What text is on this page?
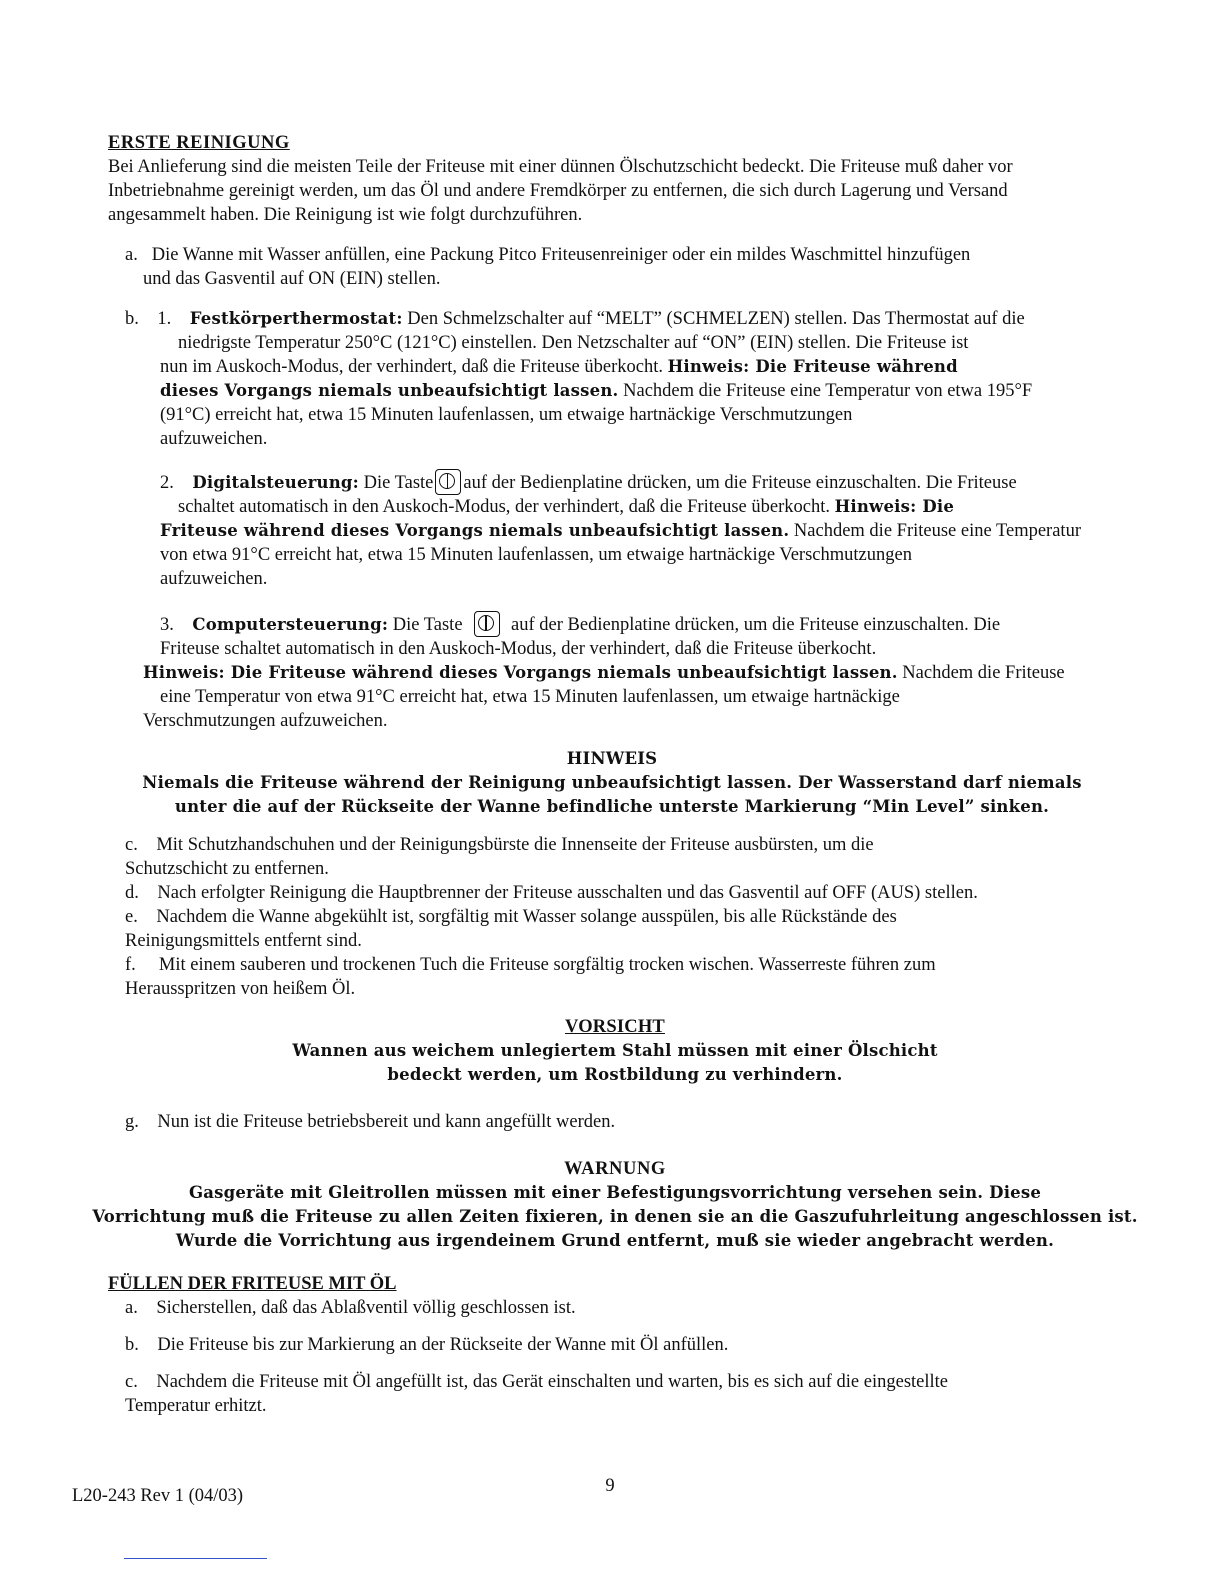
ERSTE REINIGUNG
Bei Anlieferung sind die meisten Teile der Friteuse mit einer dünnen Ölschutzschicht bedeckt. Die Friteuse muß daher vor
Inbetriebnahme gereinigt werden, um das Öl und andere Fremdkörper zu entfernen, die sich durch Lagerung und Versand
angesammelt haben. Die Reinigung ist wie folgt durchzuführen.
a. Die Wanne mit Wasser anfüllen, eine Packung Pitco Friteusenreiniger oder ein mildes Waschmittel hinzufügen
und das Gasventil auf ON (EIN) stellen.
b. 1. Festkörperthermostat: Den Schmelzschalter auf “MELT” (SCHMELZEN) stellen. Das Thermostat auf die
niedrigste Temperatur 250°C (121°C) einstellen. Den Netzschalter auf “ON” (EIN) stellen. Die Friteuse ist
nun im Auskoch-Modus, der verhindert, daß die Friteuse überkocht. Hinweis: Die Friteuse während
dieses Vorgangs niemals unbeaufsichtigt lassen. Nachdem die Friteuse eine Temperatur von etwa 195°F
(91°C) erreicht hat, etwa 15 Minuten laufenlassen, um etwaige hartnäckige Verschmutzungen
aufzuweichen.
2. Digitalsteuerung: Die Taste auf der Bedienplatine drücken, um die Friteuse einzuschalten. Die Friteuse
schaltet automatisch in den Auskoch-Modus, der verhindert, daß die Friteuse überkocht. Hinweis: Die
Friteuse während dieses Vorgangs niemals unbeaufsichtigt lassen. Nachdem die Friteuse eine Temperatur
von etwa 91°C erreicht hat, etwa 15 Minuten laufenlassen, um etwaige hartnäckige Verschmutzungen
aufzuweichen.
3. Computersteuerung: Die Taste	auf der Bedienplatine drücken, um die Friteuse einzuschalten. Die
Friteuse schaltet automatisch in den Auskoch-Modus, der verhindert, daß die Friteuse überkocht.
Hinweis: Die Friteuse während dieses Vorgangs niemals unbeaufsichtigt lassen. Nachdem die Friteuse
eine Temperatur von etwa 91°C erreicht hat, etwa 15 Minuten laufenlassen, um etwaige hartnäckige
Verschmutzungen aufzuweichen.
HINWEIS
Niemals die Friteuse während der Reinigung unbeaufsichtigt lassen. Der Wasserstand darf niemals
unter die auf der Rückseite der Wanne befindliche unterste Markierung “Min Level” sinken.
c. Mit Schutzhandschuhen und der Reinigungsbürste die Innenseite der Friteuse ausbürsten, um die
Schutzschicht zu entfernen.
d. Nach erfolgter Reinigung die Hauptbrenner der Friteuse ausschalten und das Gasventil auf OFF (AUS) stellen.
e. Nachdem die Wanne abgekühlt ist, sorgfältig mit Wasser solange ausspülen, bis alle Rückstände des
Reinigungsmittels entfernt sind.
f. Mit einem sauberen und trockenen Tuch die Friteuse sorgfältig trocken wischen. Wasserreste führen zum
Herausspritzen von heißem Öl.
VORSICHT
Wannen aus weichem unlegiertem Stahl müssen mit einer Ölschicht
bedeckt werden, um Rostbildung zu verhindern.
g. Nun ist die Friteuse betriebsbereit und kann angefüllt werden.
WARNUNG
Gasgeräte mit Gleitrollen müssen mit einer Befestigungsvorrichtung versehen sein. Diese
Vorrichtung muß die Friteuse zu allen Zeiten fixieren, in denen sie an die Gaszufuhrleitung angeschlossen ist.
Wurde die Vorrichtung aus irgendeinem Grund entfernt, muß sie wieder angebracht werden.
FÜLLEN DER FRITEUSE MIT ÖL
a. Sicherstellen, daß das Ablaßventil völlig geschlossen ist.
b. Die Friteuse bis zur Markierung an der Rückseite der Wanne mit Öl anfüllen.
c. Nachdem die Friteuse mit Öl angefüllt ist, das Gerät einschalten und warten, bis es sich auf die eingestellte
Temperatur erhitzt.
L20-243 Rev 1 (04/03)	9
